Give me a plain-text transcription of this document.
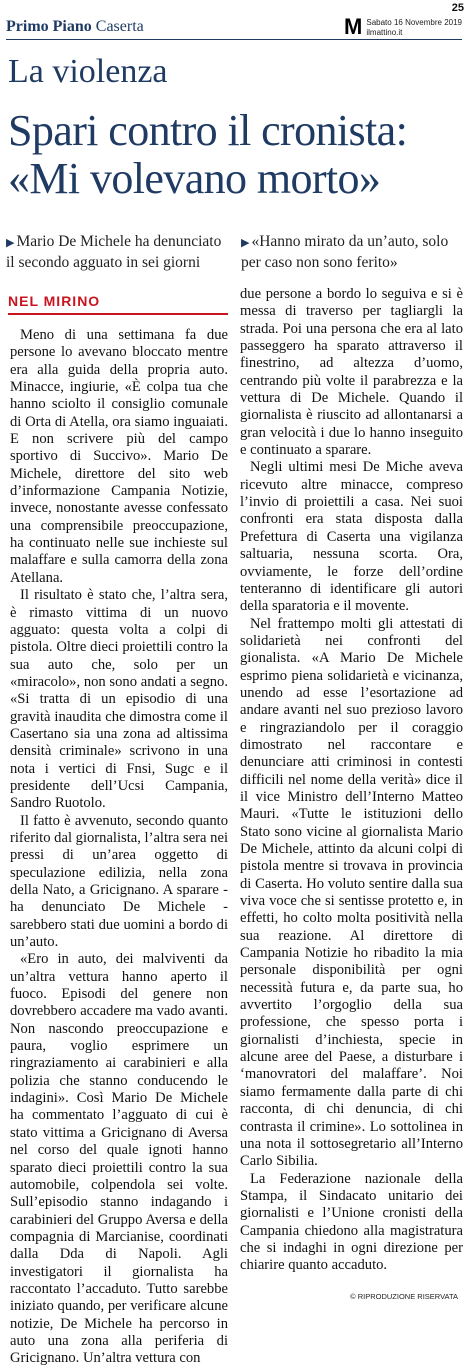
25
Primo Piano Caserta	M Sabato 16 Novembre 2019
ilmattino.it
La violenza
Spari contro il cronista:
«Mi volevano morto»
▶ Mario De Michele ha denunciato il secondo agguato in sei giorni
▶ «Hanno mirato da un’auto, solo per caso non sono ferito»
NEL MIRINO

Meno di una settimana fa due persone lo avevano bloccato mentre era alla guida della propria auto. Minacce, ingiurie, «È colpa tua che hanno sciolto il consiglio comunale di Orta di Atella, ora siamo inguaiati. E non scrivere più del campo sportivo di Succivo». Mario De Michele, direttore del sito web d’informazione Campania Notizie, invece, nonostante avesse confessato una comprensibile preoccupazione, ha continuato nelle sue inchieste sul malaffare e sulla camorra della zona Atellana.

Il risultato è stato che, l’altra sera, è rimasto vittima di un nuovo agguato: questa volta a colpi di pistola. Oltre dieci proiettili contro la sua auto che, solo per un «miracolo», non sono andati a segno. «Si tratta di un episodio di una gravità inaudita che dimostra come il Casertano sia una zona ad altissima densità criminale» scrivono in una nota i vertici di Fnsi, Sugc e il presidente dell’Ucsi Campania, Sandro Ruotolo.

Il fatto è avvenuto, secondo quanto riferito dal giornalista, l’altra sera nei pressi di un’area oggetto di speculazione edilizia, nella zona della Nato, a Gricignano. A sparare - ha denunciato De Michele - sarebbero stati due uomini a bordo di un’auto.

«Ero in auto, dei malviventi da un’altra vettura hanno aperto il fuoco. Episodi del genere non dovrebbero accadere ma vado avanti. Non nascondo preoccupazione e paura, voglio esprimere un ringraziamento ai carabinieri e alla polizia che stanno conducendo le indagini». Così Mario De Michele ha commentato l’agguato di cui è stato vittima a Gricignano di Aversa nel corso del quale ignoti hanno sparato dieci proiettili contro la sua automobile, colpendola sei volte. Sull’episodio stanno indagando i carabinieri del Gruppo Aversa e della compagnia di Marcianise, coordinati dalla Dda di Napoli. Agli investigatori il giornalista ha raccontato l’accaduto. Tutto sarebbe iniziato quando, per verificare alcune notizie, De Michele ha percorso in auto una zona alla periferia di Gricignano. Un’altra vettura con

due persone a bordo lo seguiva e si è messa di traverso per tagliargli la strada. Poi una persona che era al lato passeggero ha sparato attraverso il finestrino, ad altezza d’uomo, centrando più volte il parabrezza e la vettura di De Michele. Quando il giornalista è riuscito ad allontanarsi a gran velocità i due lo hanno inseguito e continuato a sparare.

Negli ultimi mesi De Miche aveva ricevuto altre minacce, compreso l’invio di proiettili a casa. Nei suoi confronti era stata disposta dalla Prefettura di Caserta una vigilanza saltuaria, nessuna scorta. Ora, ovviamente, le forze dell’ordine tenteranno di identificare gli autori della sparatoria e il movente.

Nel frattempo molti gli attestati di solidarietà nei confronti del gionalista. «A Mario De Michele esprimo piena solidarietà e vicinanza, unendo ad esse l’esortazione ad andare avanti nel suo prezioso lavoro e ringraziandolo per il coraggio dimostrato nel raccontare e denunciare atti criminosi in contesti difficili nel nome della verità» dice il il vice Ministro dell’Interno Matteo Mauri. «Tutte le istituzioni dello Stato sono vicine al giornalista Mario De Michele, attinto da alcuni colpi di pistola mentre si trovava in provincia di Caserta. Ho voluto sentire dalla sua viva voce che si sentisse protetto e, in effetti, ho colto molta positività nella sua reazione. Al direttore di Campania Notizie ho ribadito la mia personale disponibilità per ogni necessità futura e, da parte sua, ho avvertito l’orgoglio della sua professione, che spesso porta i giornalisti d’inchiesta, specie in alcune aree del Paese, a disturbare i ‘manovratori del malaffare’. Noi siamo fermamente dalla parte di chi racconta, di chi denuncia, di chi contrasta il crimine». Lo sottolinea in una nota il sottosegretario all’Interno Carlo Sibilia.

La Federazione nazionale della Stampa, il Sindacato unitario dei giornalisti e l’Unione cronisti della Campania chiedono alla magistratura che si indaghi in ogni direzione per chiarire quanto accaduto.

© RIPRODUZIONE RISERVATA
